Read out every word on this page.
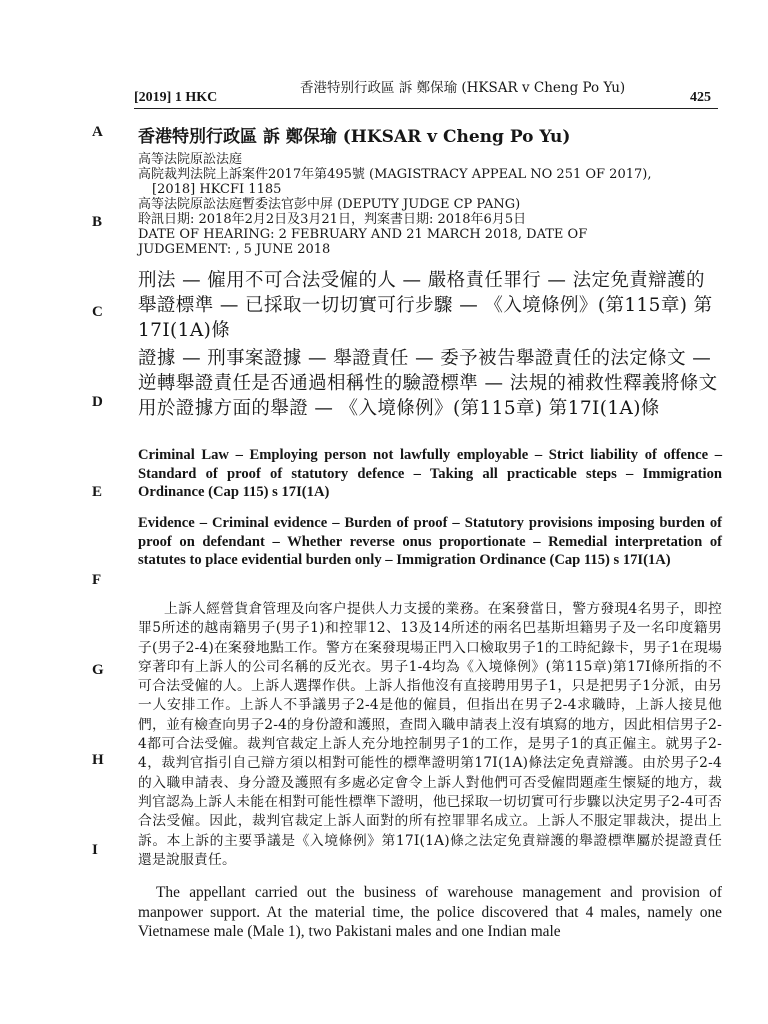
香港特别行政區 訴 鄭保瑜 (HKSAR v Cheng Po Yu)
[2019] 1 HKC	425
A
B
C
D
E
F
G
H
I
香港特別行政區 訴 鄭保瑜 (HKSAR v Cheng Po Yu)
高等法院原訟法庭
高院裁判法院上訴案件2017年第495號 (MAGISTRACY APPEAL NO 251 OF 2017),
[2018] HKCFI 1185
高等法院原訟法庭暫委法官彭中屏 (DEPUTY JUDGE CP PANG)
聆訊日期: 2018年2月2日及3月21日，判案書日期: 2018年6月5日
DATE OF HEARING: 2 FEBRUARY AND 21 MARCH 2018, DATE OF
JUDGEMENT: , 5 JUNE 2018
刑法 — 僱用不可合法受僱的人 — 嚴格責任罪行 — 法定免責辯護的舉證標準 — 已採取一切切實可行步驟 — 《入境條例》(第115章) 第17I(1A)條
證據 — 刑事案證據 — 舉證責任 — 委予被告舉證責任的法定條文 — 逆轉舉證責任是否通過相稱性的驗證標準 — 法規的補救性釋義將條文用於證據方面的舉證 — 《入境條例》(第115章) 第17I(1A)條
Criminal Law – Employing person not lawfully employable – Strict liability of offence – Standard of proof of statutory defence – Taking all practicable steps – Immigration Ordinance (Cap 115) s 17I(1A)
Evidence – Criminal evidence – Burden of proof – Statutory provisions imposing burden of proof on defendant – Whether reverse onus proportionate – Remedial interpretation of statutes to place evidential burden only – Immigration Ordinance (Cap 115) s 17I(1A)
上訴人經營貨倉管理及向客户提供人力支援的業務。在案發當日，警方發現4名男子，即控罪5所述的越南籍男子(男子1)和控罪12、13及14所述的兩名巴基斯坦籍男子及一名印度籍男子(男子2-4)在案發地點工作。警方在案發現場正門入口檢取男子1的工時紀錄卡，男子1在現場穿著印有上訴人的公司名稱的反光衣。男子1-4均為《入境條例》(第115章)第17I條所指的不可合法受僱的人。上訴人選擇作供。上訴人指他沒有直接聘用男子1，只是把男子1分派，由另一人安排工作。上訴人不爭議男子2-4是他的僱員，但指出在男子2-4求職時，上訴人接見他們，並有檢查向男子2-4的身份證和護照，查問入職申請表上沒有填寫的地方，因此相信男子2-4都可合法受僱。裁判官裁定上訴人充分地控制男子1的工作，是男子1的真正僱主。就男子2-4，裁判官指引自己辯方須以相對可能性的標準證明第17I(1A)條法定免責辯護。由於男子2-4的入職申請表、身分證及護照有多處必定會令上訴人對他們可否受僱問題產生懷疑的地方，裁判官認為上訴人未能在相對可能性標準下證明，他已採取一切切實可行步驟以決定男子2-4可否合法受僱。因此，裁判官裁定上訴人面對的所有控罪罪名成立。上訴人不服定罪裁決，提出上訴。本上訴的主要爭議是《入境條例》第17I(1A)條之法定免責辯護的舉證標準屬於提證責任還是說服責任。
The appellant carried out the business of warehouse management and provision of manpower support. At the material time, the police discovered that 4 males, namely one Vietnamese male (Male 1), two Pakistani males and one Indian male
